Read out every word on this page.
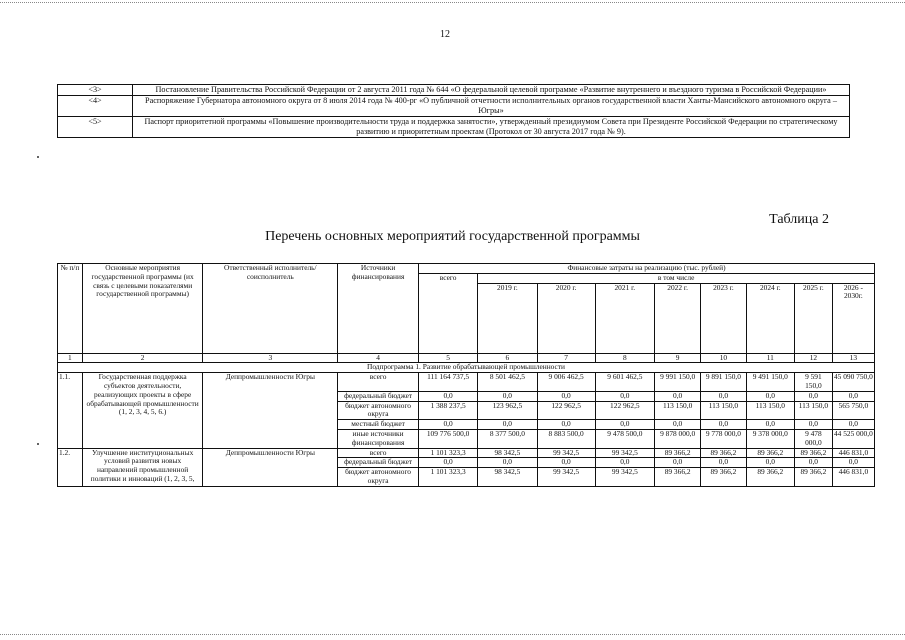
12
<3>	Постановление Правительства Российской Федерации от 2 августа 2011 года № 644 «О федеральной целевой программе «Развитие внутреннего и въездного туризма в Российской Федерации»
<4>	Распоряжение Губернатора автономного округа от 8 июля 2014 года № 400-рг «О публичной отчетности исполнительных органов государственной власти Ханты-Мансийского автономного округа – Югры»
<5>	Паспорт приоритетной программы «Повышение производительности труда и поддержка занятости», утвержденный президиумом Совета при Президенте Российской Федерации по стратегическому развитию и приоритетным проектам (Протокол от 30 августа 2017 года № 9).
Таблица 2
Перечень основных мероприятий государственной программы
№ п/п	Основные мероприятия государственной программы (их связь с целевыми показателями государственной программы)	Ответственный исполнитель/соисполнитель	Источники финансирования	Финансовые затраты на реализацию (тыс. рублей)								
				всего	в том числе							
					2019 г.	2020 г.	2021 г.	2022 г.	2023 г.	2024 г.	2025 г.	2026 - 2030г.
1	2	3	4	5	6	7	8	9	10	11	12	13
Подпрограмма 1. Развитие обрабатывающей промышленности												
1.1.	Государственная поддержка субъектов деятельности, реализующих проекты в сфере обрабатывающей промышленности (1, 2, 3, 4, 5, 6.)	Деппромышленности Югры	всего	111 164 737,5	8 501 462,5	9 006 462,5	9 601 462,5	9 991 150,0	9 891 150,0	9 491 150,0	9 591 150,0	45 090 750,0
			федеральный бюджет	0,0	0,0	0,0	0,0	0,0	0,0	0,0	0,0	0,0
			бюджет автономного округа	1 388 237,5	123 962,5	122 962,5	122 962,5	113 150,0	113 150,0	113 150,0	113 150,0	565 750,0
			местный бюджет	0,0	0,0	0,0	0,0	0,0	0,0	0,0	0,0	0,0
			иные источники финансирования	109 776 500,0	8 377 500,0	8 883 500,0	9 478 500,0	9 878 000,0	9 778 000,0	9 378 000,0	9 478 000,0	44 525 000,0
1.2.	Улучшение институциональных условий развития новых направлений промышленной политики и инноваций (1, 2, 3, 5,	Деппромышленности Югры	всего	1 101 323,3	98 342,5	99 342,5	99 342,5	89 366,2	89 366,2	89 366,2	89 366,2	446 831,0
			федеральный бюджет	0,0	0,0	0,0	0,0	0,0	0,0	0,0	0,0	0,0
			бюджет автономного округа	1 101 323,3	98 342,5	99 342,5	99 342,5	89 366,2	89 366,2	89 366,2	89 366,2	446 831,0
